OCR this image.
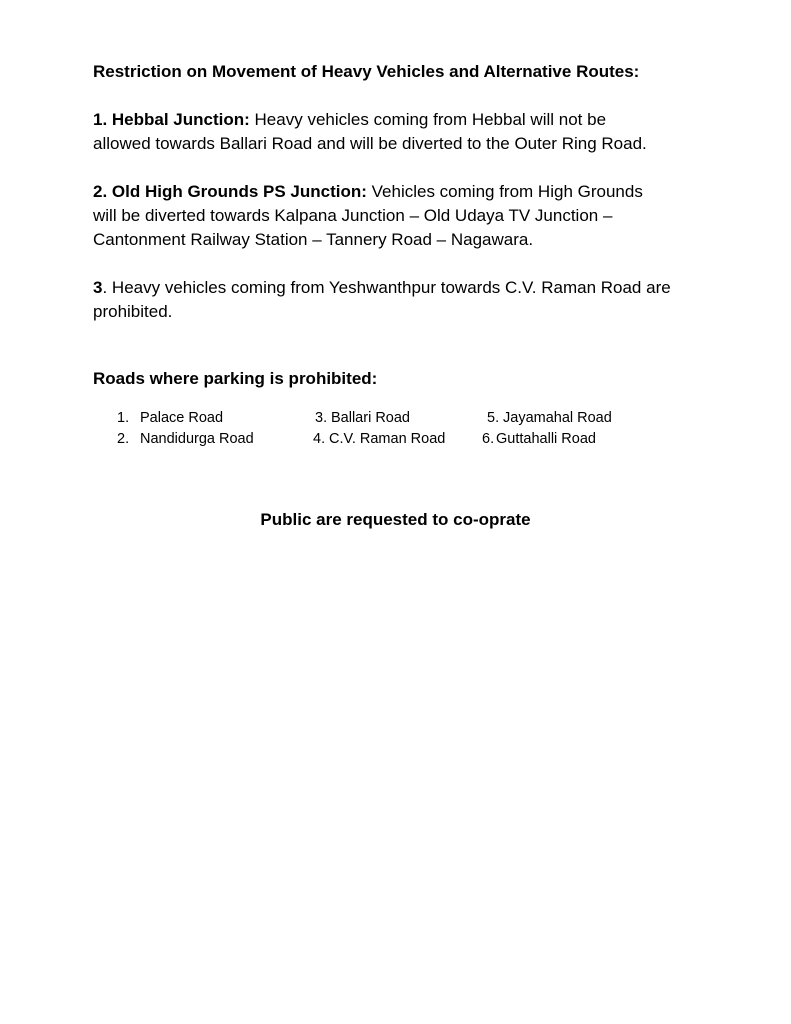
Restriction on Movement of Heavy Vehicles and Alternative Routes:
1. Hebbal Junction: Heavy vehicles coming from Hebbal will not be
allowed towards Ballari Road and will be diverted to the Outer Ring Road.
2. Old High Grounds PS Junction: Vehicles coming from High Grounds
will be diverted towards Kalpana Junction – Old Udaya TV Junction –
Cantonment Railway Station – Tannery Road – Nagawara.
3. Heavy vehicles coming from Yeshwanthpur towards C.V. Raman Road are
prohibited.
Roads where parking is prohibited:
1. Palace Road
2. Nandidurga Road
3. Ballari Road
4. C.V. Raman Road
5. Jayamahal Road
6. Guttahalli Road
Public are requested to co-oprate
